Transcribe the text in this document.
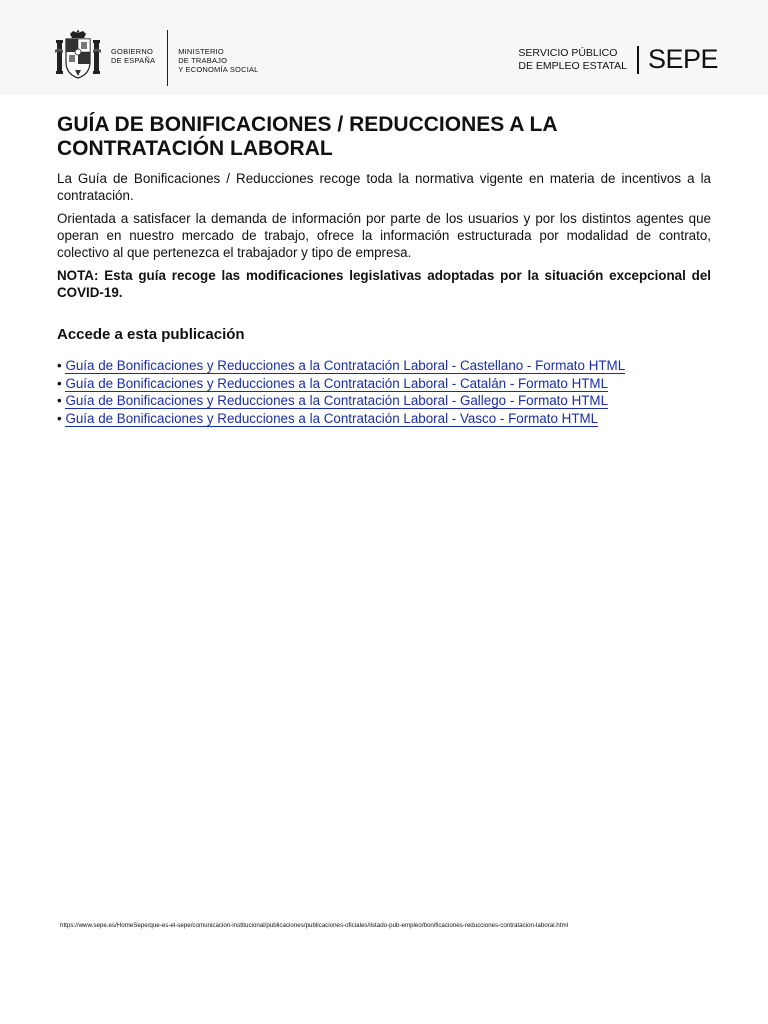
GOBIERNO
DE ESPAÑA
MINISTERIO
DE TRABAJO
Y ECONOMÍA SOCIAL
SERVICIO PÚBLICO
DE EMPLEO ESTATAL SEPE
GUÍA DE BONIFICACIONES / REDUCCIONES A LA
CONTRATACIÓN LABORAL

La Guía de Bonificaciones / Reducciones recoge toda la normativa vigente en materia de incentivos a la contratación.

Orientada a satisfacer la demanda de información por parte de los usuarios y por los distintos agentes que operan en nuestro mercado de trabajo, ofrece la información estructurada por modalidad de contrato, colectivo al que pertenezca el trabajador y tipo de empresa.

NOTA: Esta guía recoge las modificaciones legislativas adoptadas por la situación excepcional del COVID-19.

Accede a esta publicación
• Guía de Bonificaciones y Reducciones a la Contratación Laboral - Castellano - Formato HTML
• Guía de Bonificaciones y Reducciones a la Contratación Laboral - Catalán - Formato HTML
• Guía de Bonificaciones y Reducciones a la Contratación Laboral - Gallego - Formato HTML
• Guía de Bonificaciones y Reducciones a la Contratación Laboral - Vasco - Formato HTML
https://www.sepe.es/HomeSepe/que-es-el-sepe/comunicacion-institucional/publicaciones/publicaciones-oficiales/listado-pub-empleo/bonificaciones-reducciones-contratacion-laboral.html
